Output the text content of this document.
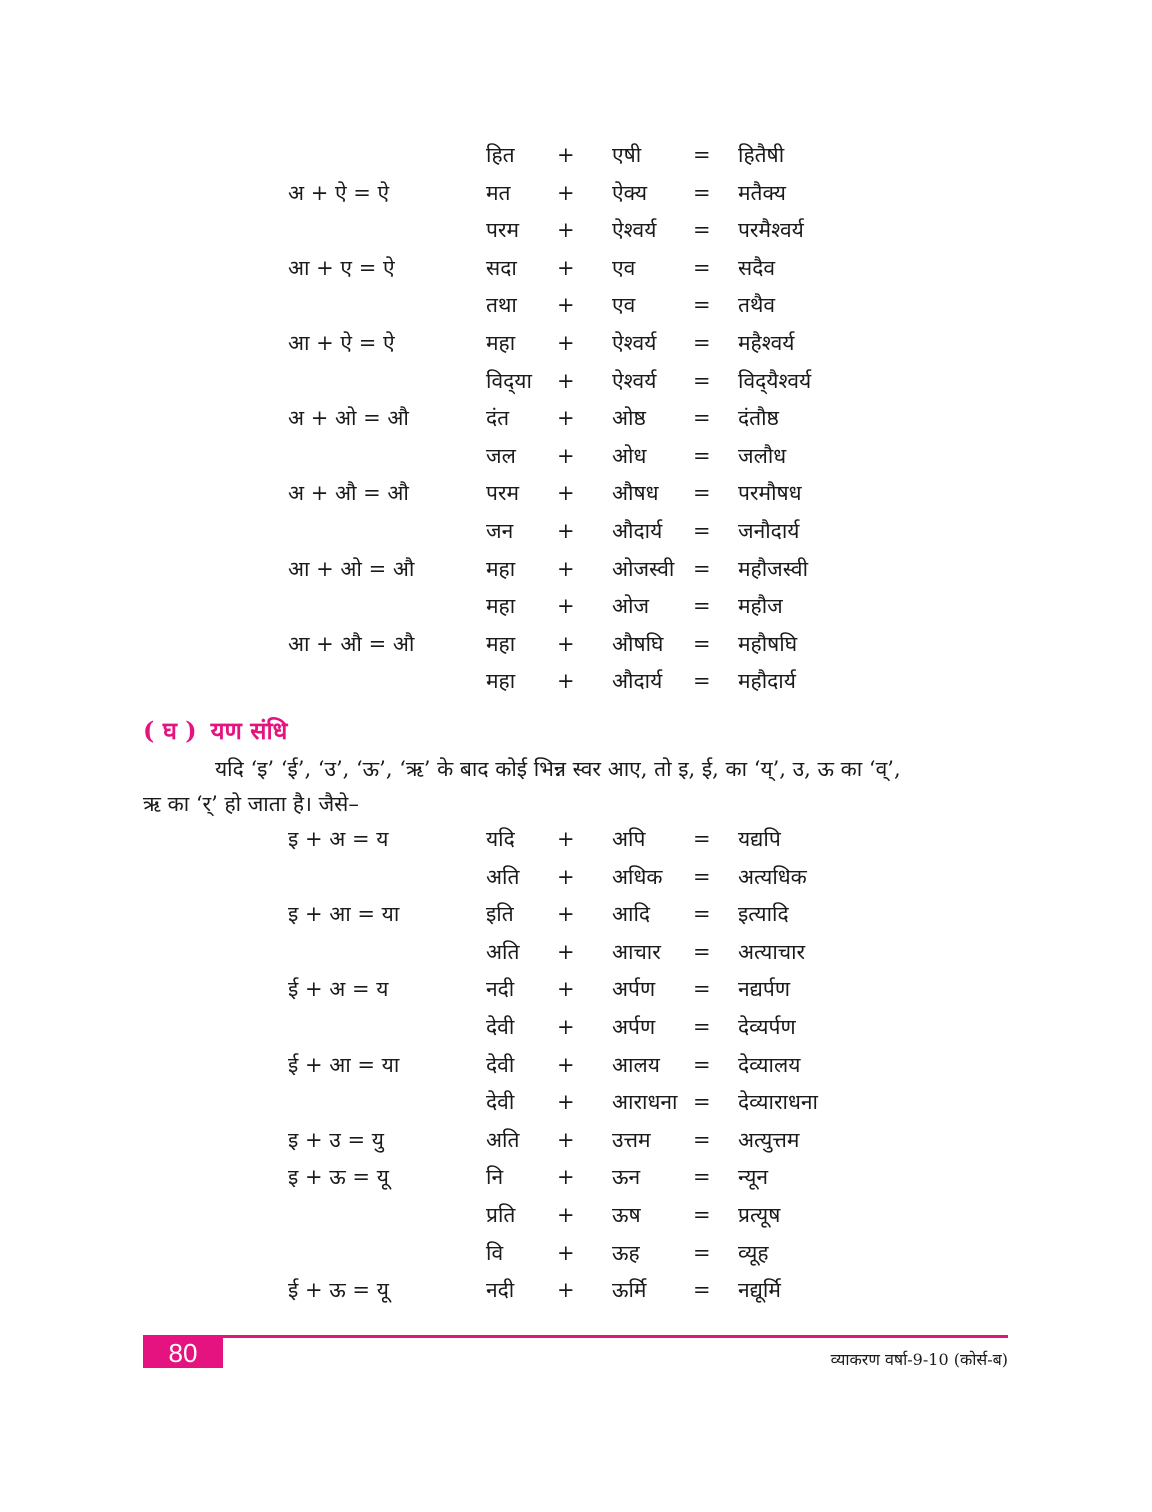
हित + एषी = हितैषी
अ + ऐ = ऐ	मत + ऐक्य = मतैक्य
परम + ऐश्वर्य = परमैश्वर्य
आ + ए = ऐ	सदा + एव	= सदैव
तथा + एव	= तथैव
आ + ऐ = ऐ	महा + ऐश्वर्य = महैश्वर्य
विद्‌या + ऐश्वर्य = विद्‌यैश्वर्य
अ + ओ = औ	दंत + ओष्ठ = दंतौष्ठ
जल + ओध = जलौध
अ + औ = औ	परम + औषध = परमौषध
जन + औदार्य = जनौदार्य
आ + ओ = औ	महा + ओजस्वी = महौजस्वी
महा + ओज = महौज
आ + औ = औ	महा + औषघि = महौषघि
महा + औदार्य = महौदार्य
( घ ) यण संधि
यदि ‘इ’ ‘ई’, ‘उ’, ‘ऊ’, ‘ऋ’ के बाद कोई भिन्न स्वर आए, तो इ, ई, का ‘य्’, उ, ऊ का ‘व्’,
ऋ का ‘र्’ हो जाता है। जैसे–
इ + अ = य	यदि + अपि = यद्यपि
अति + अधिक = अत्यधिक
इ + आ = या	इति + आदि = इत्यादि
अति + आचार = अत्याचार
ई + अ = य	नदी + अर्पण = नद्यर्पण
देवी + अर्पण = देव्यर्पण
ई + आ = या	देवी + आलय = देव्यालय
देवी + आराधना = देव्याराधना
इ + उ = यु	अति + उत्तम = अत्युत्तम
इ + ऊ = यू	नि	+ ऊन	= न्यून
प्रति + ऊष = प्रत्यूष
वि	+ ऊह	= व्यूह
ई + ऊ = यू	नदी + ऊर्मि = नद्यूर्मि
80	व्याकरण वर्षा-9-10 (कोर्स-ब)
